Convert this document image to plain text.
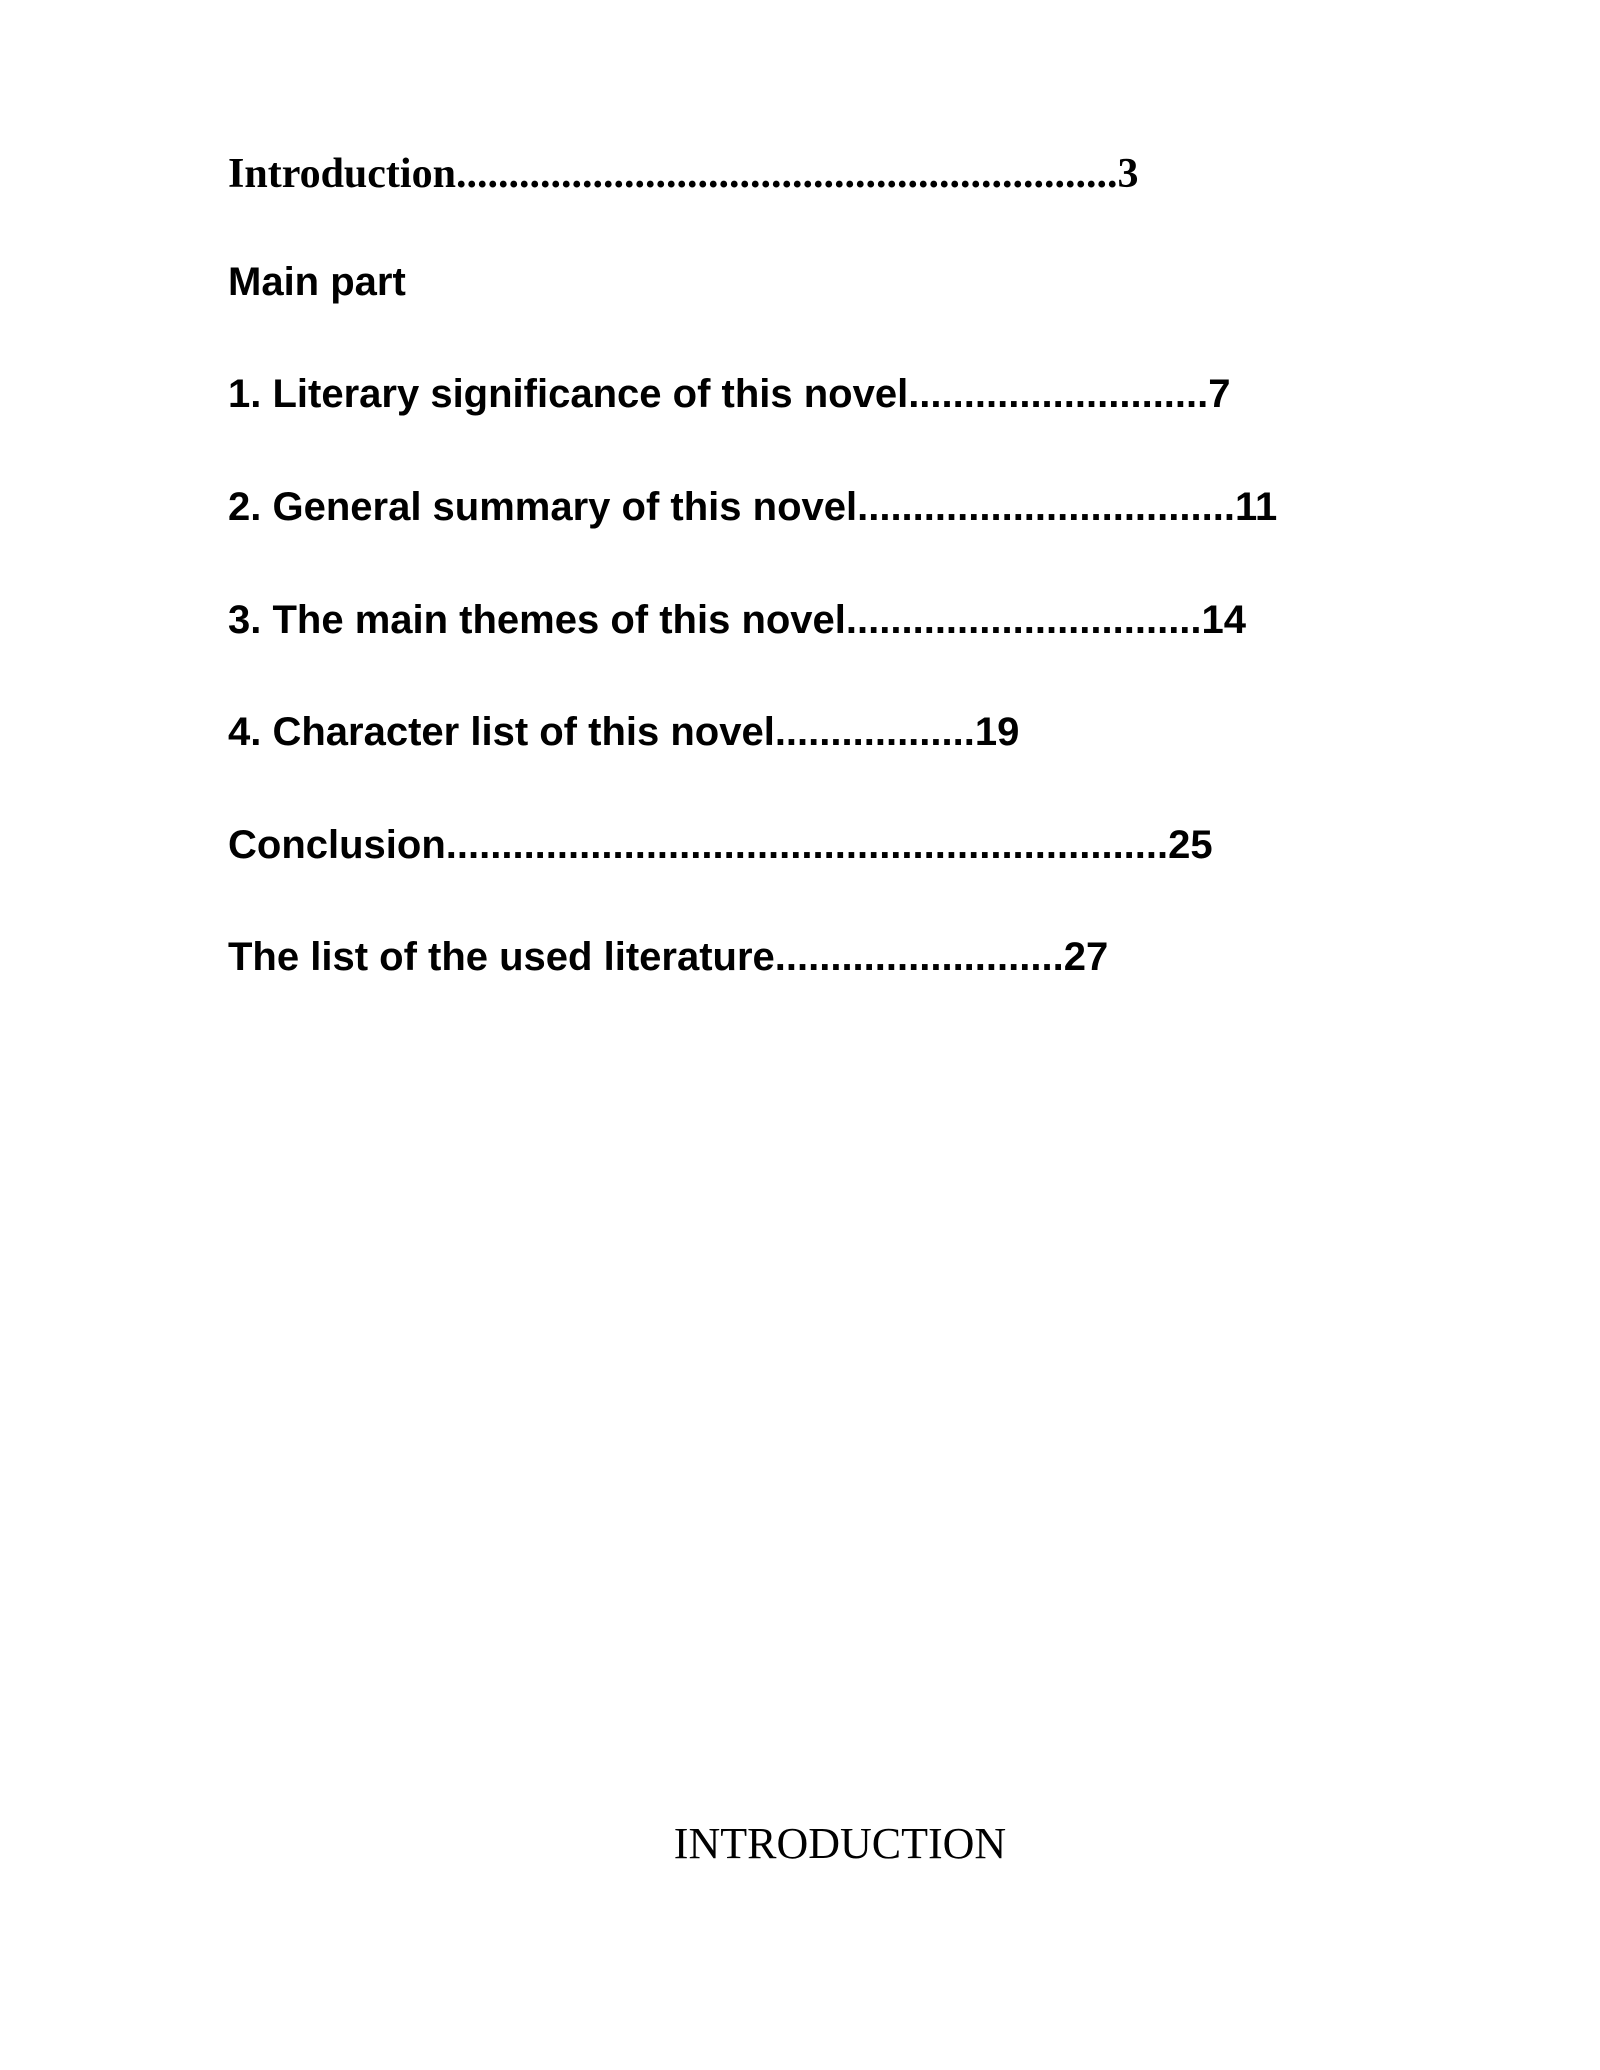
Introduction...............................................................3

Main part

1. Literary significance of this novel...........................7

2. General summary of this novel..................................11

3. The main themes of this novel................................14

4. Character list of this novel..................19

Conclusion.................................................................25

The list of the used literature..........................27

INTRODUCTION
